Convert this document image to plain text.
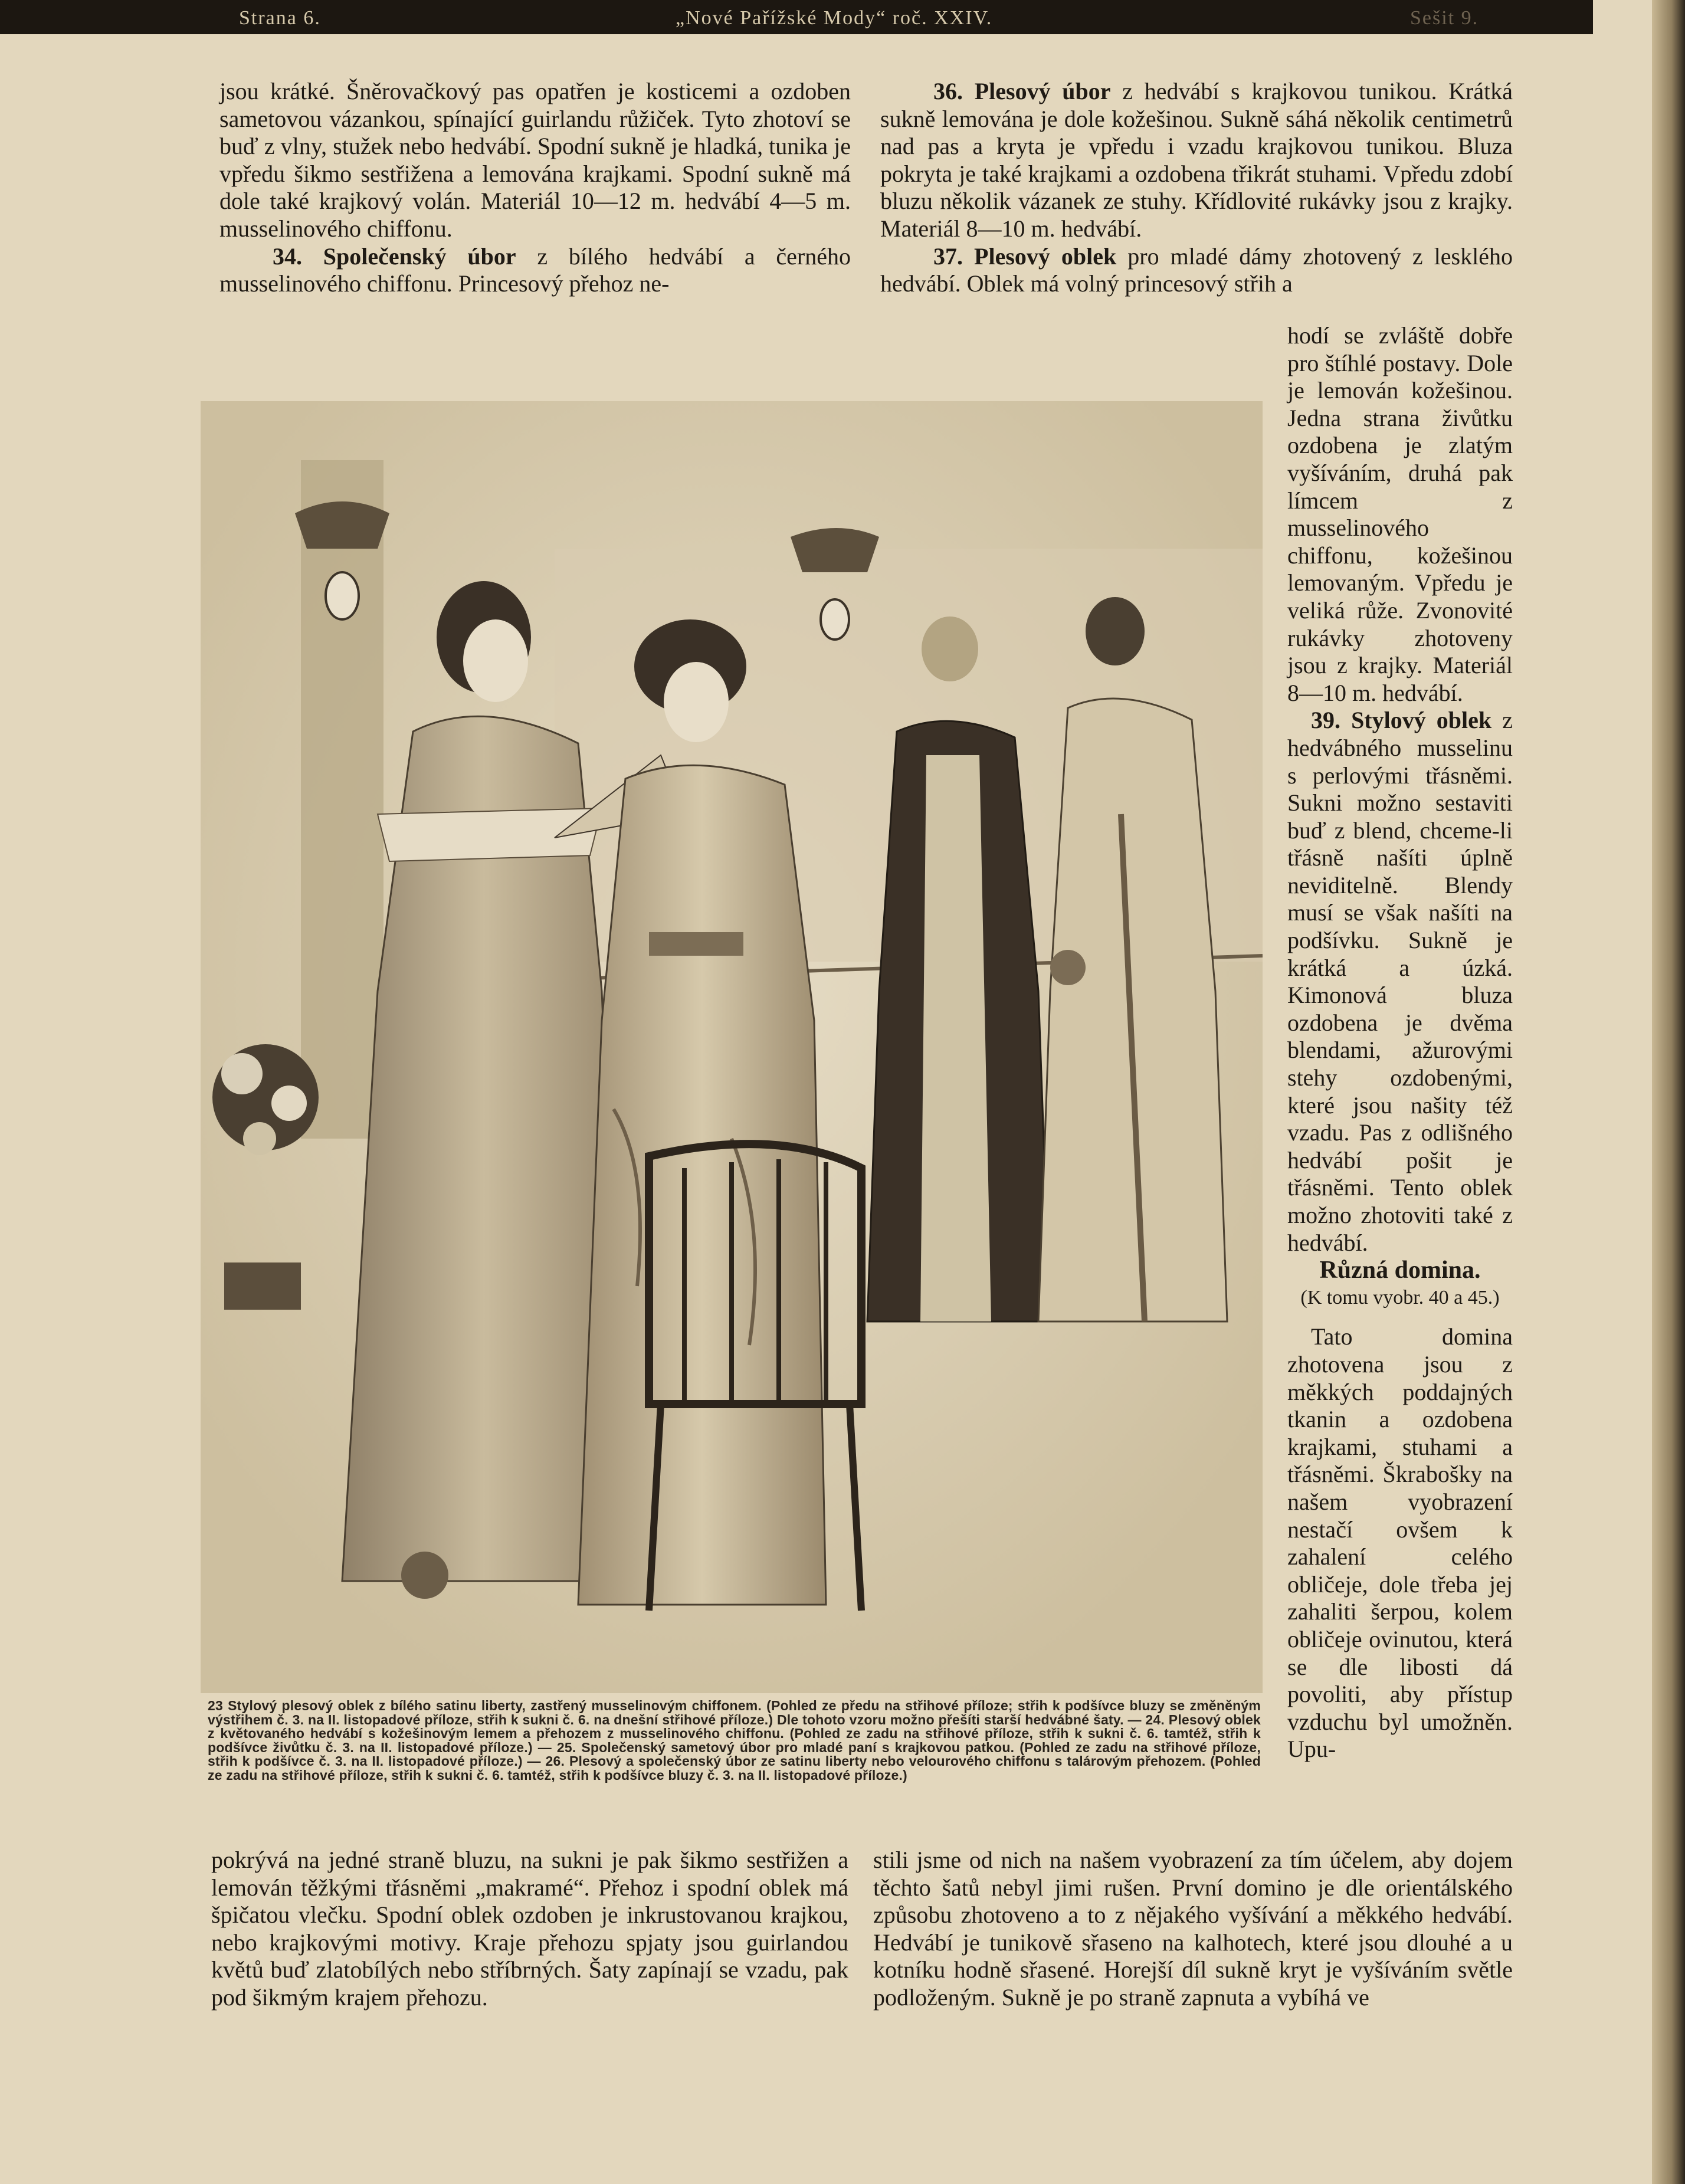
Strana 6.	„Nové Pařížské Mody“ roč. XXIV.	Sešit 9.

jsou krátké. Šněrovačkový pas opatřen je kosticemi a ozdoben sametovou vázankou, spínající guirlandu růžiček. Tyto zhotoví se buď z vlny, stužek nebo hedvábí. Spodní sukně je hladká, tunika je vpředu šikmo sestřižena a lemována krajkami. Spodní sukně má dole také krajkový volán. Materiál 10—12 m. hedvábí 4—5 m. musselinového chiffonu.

34. Společenský úbor z bílého hedvábí a černého musselinového chiffonu. Princesový přehoz ne-

36. Plesový úbor z hedvábí s krajkovou tunikou. Krátká sukně lemována je dole kožešinou. Sukně sáhá několik centimetrů nad pas a kryta je vpředu i vzadu krajkovou tunikou. Bluza pokryta je také krajkami a ozdobena třikrát stuhami. Vpředu zdobí bluzu několik vázanek ze stuhy. Křídlovité rukávky jsou z krajky. Materiál 8—10 m. hedvábí.

37. Plesový oblek pro mladé dámy zhotovený z lesklého hedvábí. Oblek má volný princesový střih a

hodí se zvláště dobře pro štíhlé postavy. Dole je lemován kožešinou. Jedna strana živůtku ozdobena je zlatým vyšíváním, druhá pak límcem z musselinového chiffonu, kožešinou lemovaným. Vpředu je veliká růže. Zvonovité rukávky zhotoveny jsou z krajky. Materiál 8—10 m. hedvábí.

39. Stylový oblek z hedvábného musselinu s perlovými třásněmi. Sukni možno sestaviti buď z blend, chceme-li třásně našíti úplně neviditelně. Blendy musí se však našíti na podšívku. Sukně je krátká a úzká. Kimonová bluza ozdobena je dvěma blendami, ažurovými stehy ozdobenými, které jsou našity též vzadu. Pas z odlišného hedvábí pošit je třásněmi. Tento oblek možno zhotoviti také z hedvábí.

Různá domina.

(K tomu vyobr. 40 a 45.)

Tato domina zhotovena jsou z měkkých poddajných tkanin a ozdobena krajkami, stuhami a třásněmi. Škrabošky na našem vyobrazení nestačí ovšem k zahalení celého obličeje, dole třeba jej zahaliti šerpou, kolem obličeje ovinutou, která se dle libosti dá povoliti, aby přístup vzduchu byl umožněn. Upu-

23 Stylový plesový oblek z bílého satinu liberty, zastřený musselinovým chiffonem. (Pohled ze předu na střihové příloze; střih k podšívce bluzy se změněným výstřihem č. 3. na II. listopadové příloze, střih k sukni č. 6. na dnešní střihové příloze.) Dle tohoto vzoru možno přešíti starší hedvábné šaty. — 24. Plesový oblek z květovaného hedvábí s kožešinovým lemem a přehozem z musselinového chiffonu. (Pohled ze zadu na střihové příloze, střih k sukni č. 6. tamtéž, střih k podšívce živůtku č. 3. na II. listopadové příloze.) — 25. Společenský sametový úbor pro mladé paní s krajkovou patkou. (Pohled ze zadu na střihové příloze, střih k podšívce č. 3. na II. listopadové příloze.) — 26. Plesový a společenský úbor ze satinu liberty nebo velourového chiffonu s talárovým přehozem. (Pohled ze zadu na střihové příloze, střih k sukni č. 6. tamtéž, střih k podšívce bluzy č. 3. na II. listopadové příloze.)

pokrývá na jedné straně bluzu, na sukni je pak šikmo sestřižen a lemován těžkými třásněmi „makramé“. Přehoz i spodní oblek má špičatou vlečku. Spodní oblek ozdoben je inkrustovanou krajkou, nebo krajkovými motivy. Kraje přehozu spjaty jsou guirlandou květů buď zlatobílých nebo stříbrných. Šaty zapínají se vzadu, pak pod šikmým krajem přehozu.

stili jsme od nich na našem vyobrazení za tím účelem, aby dojem těchto šatů nebyl jimi rušen. První domino je dle orientálského způsobu zhotoveno a to z nějakého vyšívání a měkkého hedvábí. Hedvábí je tunikově sřaseno na kalhotech, které jsou dlouhé a u kotníku hodně sřasené. Horejší díl sukně kryt je vyšíváním světle podloženým. Sukně je po straně zapnuta a vybíhá ve
